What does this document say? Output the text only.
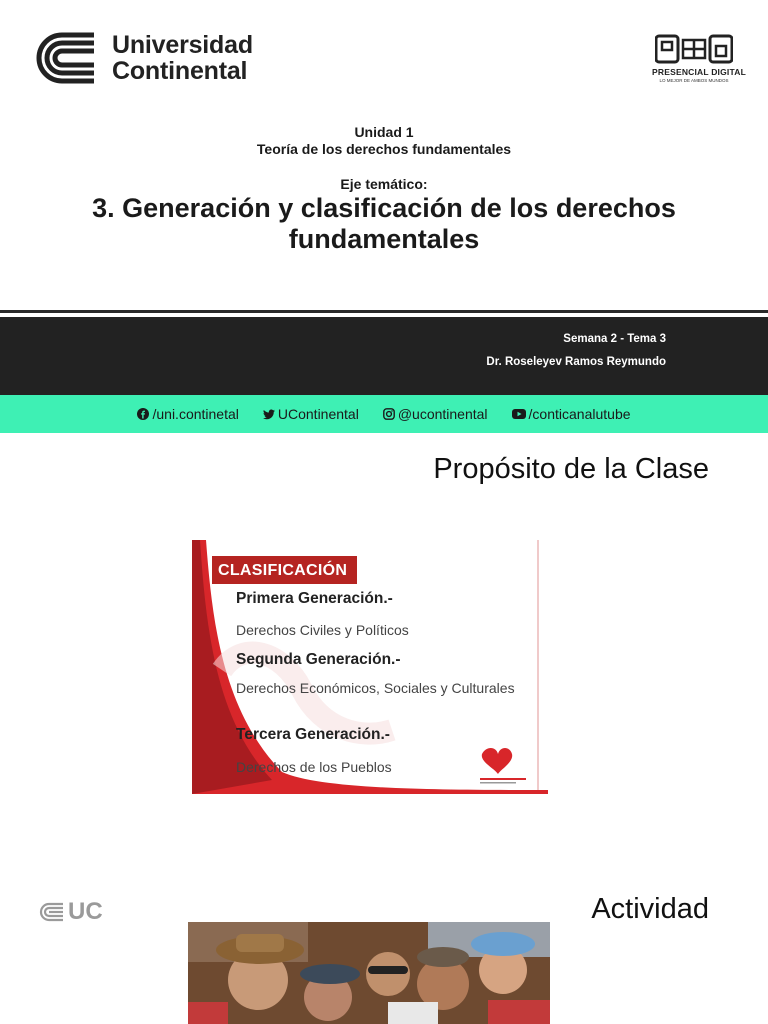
Universidad
Continental	PRESENCIAL DIGITAL
LO MEJOR DE AMBOS MUNDOS
Unidad 1
Teoría de los derechos fundamentales
Eje temático:
3. Generación y clasificación de los derechos fundamentales
Semana 2 - Tema 3
Dr. Roseleyev Ramos Reymundo
/uni.continetal	UContinental	@ucontinental	/conticanalutube
Propósito de la Clase
CLASIFICACIÓN
Primera Generación.-
Derechos Civiles y Políticos
Segunda Generación.-
Derechos Económicos, Sociales y Culturales
Tercera Generación.-
Derechos de los Pueblos
UC	Actividad
